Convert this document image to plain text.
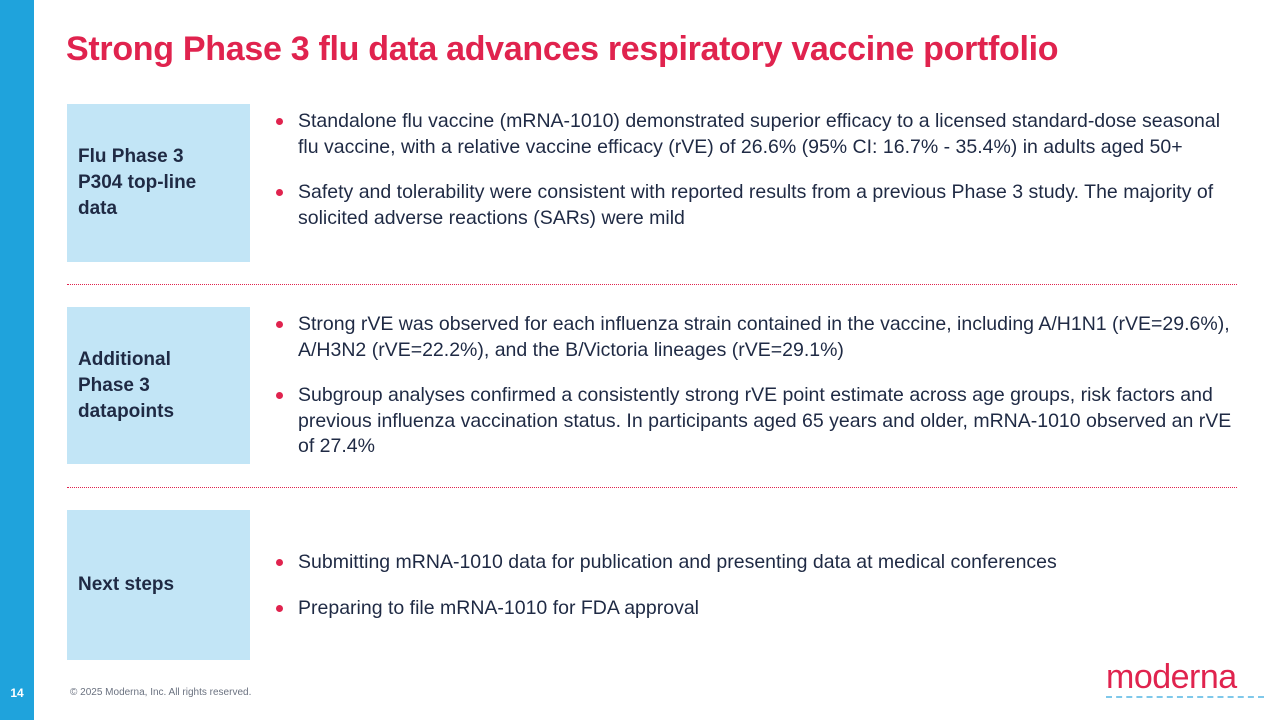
14
Strong Phase 3 flu data advances respiratory vaccine portfolio
Flu Phase 3
P304 top-line
data
Standalone flu vaccine (mRNA-1010) demonstrated superior efficacy to a licensed standard-dose seasonal flu vaccine, with a relative vaccine efficacy (rVE) of 26.6% (95% CI: 16.7% - 35.4%) in adults aged 50+
Safety and tolerability were consistent with reported results from a previous Phase 3 study. The majority of solicited adverse reactions (SARs) were mild
Additional
Phase 3
datapoints
Strong rVE was observed for each influenza strain contained in the vaccine, including A/H1N1 (rVE=29.6%), A/H3N2 (rVE=22.2%), and the B/Victoria lineages (rVE=29.1%)
Subgroup analyses confirmed a consistently strong rVE point estimate across age groups, risk factors and previous influenza vaccination status. In participants aged 65 years and older, mRNA-1010 observed an rVE of 27.4%
Next steps
Submitting mRNA-1010 data for publication and presenting data at medical conferences
Preparing to file mRNA-1010 for FDA approval
© 2025 Moderna, Inc. All rights reserved.	moderna
